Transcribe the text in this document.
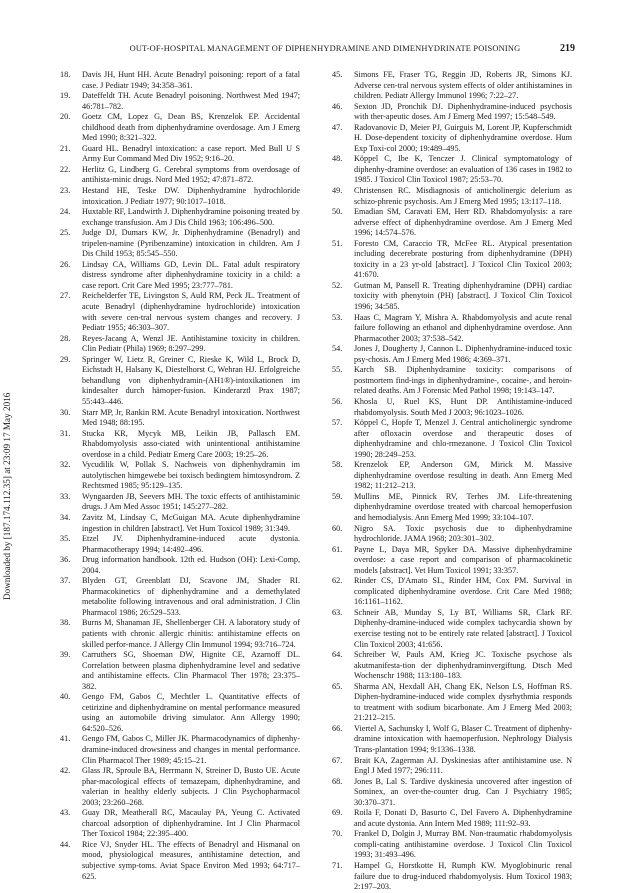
OUT-OF-HOSPITAL MANAGEMENT OF DIPHENHYDRAMINE AND DIMENHYDRINATE POISONING	219
Downloaded by [187.174.112.35] at 23:09 17 May 2016
18. Davis JH, Hunt HH. Acute Benadryl poisoning: report of a fatal case. J Pediatr 1949; 34:358–361.
19. Dateffeldt TH. Acute Benadryl poisoning. Northwest Med 1947; 46:781–782.
20. Goetz CM, Lopez G, Dean BS, Krenzelok EP. Accidental childhood death from diphenhydramine overdosage. Am J Emerg Med 1990; 8:321–322.
21. Guard HL. Benadryl intoxication: a case report. Med Bull U S Army Eur Command Med Div 1952; 9:16–20.
22. Herlitz G, Lindberg G. Cerebral symptoms from overdosage of antihista-minic drugs. Nord Med 1952; 47:871–872.
23. Hestand HE, Teske DW. Diphenhydramine hydrochloride intoxication. J Pediatr 1977; 90:1017–1018.
24. Huxtable RF, Landwirth J. Diphenhydramine poisoning treated by exchange transfusion. Am J Dis Child 1963; 106:496–500.
25. Judge DJ, Dumars KW, Jr. Diphenhydramine (Benadryl) and tripelen-namine (Pyribenzamine) intoxication in children. Am J Dis Child 1953; 85:545–550.
26. Lindsay CA, Williams GD, Levin DL. Fatal adult respiratory distress syndrome after diphenhydramine toxicity in a child: a case report. Crit Care Med 1995; 23:777–781.
27. Reichelderfer TE, Livingston S, Auld RM, Peck JL. Treatment of acute Benadryl (diphenhydramine hydrochloride) intoxication with severe cen-tral nervous system changes and recovery. J Pediatr 1955; 46:303–307.
28. Reyes-Jacang A, Wenzl JE. Antihistamine toxicity in children. Clin Pediatr (Phila) 1969; 8:297–299.
29. Springer W, Lietz R, Greiner C, Rieske K, Wild L, Brock D, Eichstadt H, Halsany K, Diestelhorst C, Wehran HJ. Erfolgreiche behandlung von diphenhydramin-(AH1®)-intoxikationen im kindesalter durch hämoper-fusion. Kinderarztl Prax 1987; 55:443–446.
30. Starr MP, Jr, Rankin RM. Acute Benadryl intoxication. Northwest Med 1948; 88:195.
31. Stucka KR, Mycyk MB, Leikin JB, Pallasch EM. Rhabdomyolysis asso-ciated with unintentional antihistamine overdose in a child. Pediatr Emerg Care 2003; 19:25–26.
32. Vycudilik W, Pollak S. Nachweis von diphenhydramin im autolytischen himgewebe bei toxisch bedingtem himtosyndrom. Z Rechtsmed 1985; 95:129–135.
33. Wyngaarden JB, Seevers MH. The toxic effects of antihistaminic drugs. J Am Med Assoc 1951; 145:277–282.
34. Zavitz M, Lindsay C, McGuigan MA. Acute diphenhydramine ingestion in children [abstract]. Vet Hum Toxicol 1989; 31:349.
35. Etzel JV. Diphenhydramine-induced acute dystonia. Pharmacotherapy 1994; 14:492–496.
36. Drug information handbook. 12th ed. Hudson (OH): Lexi-Comp, 2004.
37. Blyden GT, Greenblatt DJ, Scavone JM, Shader RI. Pharmacokinetics of diphenhydramine and a demethylated metabolite following intravenous and oral administration. J Clin Pharmacol 1986; 26:529–533.
38. Burns M, Shanaman JE, Shellenberger CH. A laboratory study of patients with chronic allergic rhinitis: antihistamine effects on skilled perfor-mance. J Allergy Clin Immunol 1994; 93:716–724.
39. Carruthers SG, Shoeman DW, Hignite CE, Azarnoff DL. Correlation between plasma diphenhydramine level and sedative and antihistamine effects. Clin Pharmacol Ther 1978; 23:375–382.
40. Gengo FM, Gabos C, Mechtler L. Quantitative effects of cetirizine and diphenhydramine on mental performance measured using an automobile driving simulator. Ann Allergy 1990; 64:520–526.
41. Gengo FM, Gabos C, Miller JK. Pharmacodynamics of diphenhy-dramine-induced drowsiness and changes in mental performance. Clin Pharmacol Ther 1989; 45:15–21.
42. Glass JR, Sproule BA, Herrmann N, Streiner D, Busto UE. Acute phar-macological effects of temazepam, diphenhydramine, and valerian in healthy elderly subjects. J Clin Psychopharmacol 2003; 23:260–268.
43. Guay DR, Meatherall RC, Macaulay PA, Yeung C. Activated charcoal adsorption of diphenhydramine. Int J Clin Pharmacol Ther Toxicol 1984; 22:395–400.
44. Rice VJ, Snyder HL. The effects of Benadryl and Hismanal on mood, physiological measures, antihistamine detection, and subjective symp-toms. Aviat Space Environ Med 1993; 64:717–625.
45. Simons FE, Fraser TG, Reggin JD, Roberts JR, Simons KJ. Adverse cen-tral nervous system effects of older antihistamines in children. Pediatr Allergy Immunol 1996; 7:22–27.
46. Sexton JD, Pronchik DJ. Diphenhydramine-induced psychosis with ther-apeutic doses. Am J Emerg Med 1997; 15:548–549.
47. Radovanovic D, Meier PJ, Guirguis M, Lorent JP, Kupferschmidt H. Dose-dependent toxicity of diphenhydramine overdose. Hum Exp Toxi-col 2000; 19:489–495.
48. Köppel C, Ibe K, Tenczer J. Clinical symptomatology of diphenhy-dramine overdose: an evaluation of 136 cases in 1982 to 1985. J Toxicol Clin Toxicol 1987; 25:53–70.
49. Christensen RC. Misdiagnosis of anticholinergic delerium as schizo-phrenic psychosis. Am J Emerg Med 1995; 13:117–118.
50. Emadian SM, Caravati EM, Herr RD. Rhabdomyolysis: a rare adverse effect of diphenhydramine overdose. Am J Emerg Med 1996; 14:574–576.
51. Foresto CM, Caraccio TR, McFee RL. Atypical presentation including decerebrate posturing from diphenhydramine (DPH) toxicity in a 23 yr-old [abstract]. J Toxicol Clin Toxicol 2003; 41:670.
52. Gutman M, Pansell R. Treating diphenhydramine (DPH) cardiac toxicity with phenytoin (PH) [abstract]. J Toxicol Clin Toxicol 1996; 34:585.
53. Haas C, Magram Y, Mishra A. Rhabdomyolysis and acute renal failure following an ethanol and diphenhydramine overdose. Ann Pharmacother 2003; 37:538–542.
54. Jones J, Dougherty J, Cannon L. Diphenhydramine-induced toxic psy-chosis. Am J Emerg Med 1986; 4:369–371.
55. Karch SB. Diphenhydramine toxicity: comparisons of postmortem find-ings in diphenhydramine-, cocaine-, and heroin-related deaths. Am J Forensic Med Pathol 1998; 19:143–147.
56. Khosla U, Ruel KS, Hunt DP. Antihistamine-induced rhabdomyolysis. South Med J 2003; 96:1023–1026.
57. Köppel C, Hopfe T, Menzel J. Central anticholinergic syndrome after ofloxacin overdose and therapeutic doses of diphenhydramine and chlo-rmezanone. J Toxicol Clin Toxicol 1990; 28:249–253.
58. Krenzelok EP, Anderson GM, Mirick M. Massive diphenhydramine overdose resulting in death. Ann Emerg Med 1982; 11:212–213.
59. Mullins ME, Pinnick RV, Terhes JM. Life-threatening diphenhydramine overdose treated with charcoal hemoperfusion and hemodialysis. Ann Emerg Med 1999; 33:104–107.
60. Nigro SA. Toxic psychosis due to diphenhydramine hydrochloride. JAMA 1968; 203:301–302.
61. Payne L, Daya MR, Spyker DA. Massive diphenhydramine overdose: a case report and comparison of pharmacokinetic models [abstract]. Vet Hum Toxicol 1991; 33:357.
62. Rinder CS, D'Amato SL, Rinder HM, Cox PM. Survival in complicated diphenhydramine overdose. Crit Care Med 1988; 16:1161–1162.
63. Schneir AB, Munday S, Ly BT, Williams SR, Clark RF. Diphenhy-dramine-induced wide complex tachycardia shown by exercise testing not to be entirely rate related [abstract]. J Toxicol Clin Toxicol 2003; 41:656.
64. Schreiber W, Pauls AM, Krieg JC. Toxische psychose als akutmanifesta-tion der diphenhydraminvergiftung. Dtsch Med Wochenschr 1988; 113:180–183.
65. Sharma AN, Hexdall AH, Chang EK, Nelson LS, Hoffman RS. Diphen-hydramine-induced wide complex dysrhythmia responds to treatment with sodium bicarbonate. Am J Emerg Med 2003; 21:212–215.
66. Viertel A, Sachunsky I, Wolf G, Blaser C. Treatment of diphenhy-dramine intoxication with haemoperfusion. Nephrology Dialysis Trans-plantation 1994; 9:1336–1338.
67. Brait KA, Zagerman AJ. Dyskinesias after antihistamine use. N Engl J Med 1977; 296:111.
68. Jones B, Lal S. Tardive dyskinesia uncovered after ingestion of Sominex, an over-the-counter drug. Can J Psychiatry 1985; 30:370–371.
69. Roila F, Donati D, Basurto C, Del Favero A. Diphenhydramine and acute dystonia. Ann Intern Med 1989; 111:92–93.
70. Frankel D, Dolgin J, Murray BM. Non-traumatic rhabdomyolysis compli-cating antihistamine overdose. J Toxicol Clin Toxicol 1993; 31:493–496.
71. Hampel G, Horstkotte H, Rumph KW. Myoglobinuric renal failure due to drug-induced rhabdomyolysis. Hum Toxicol 1983; 2:197–203.
